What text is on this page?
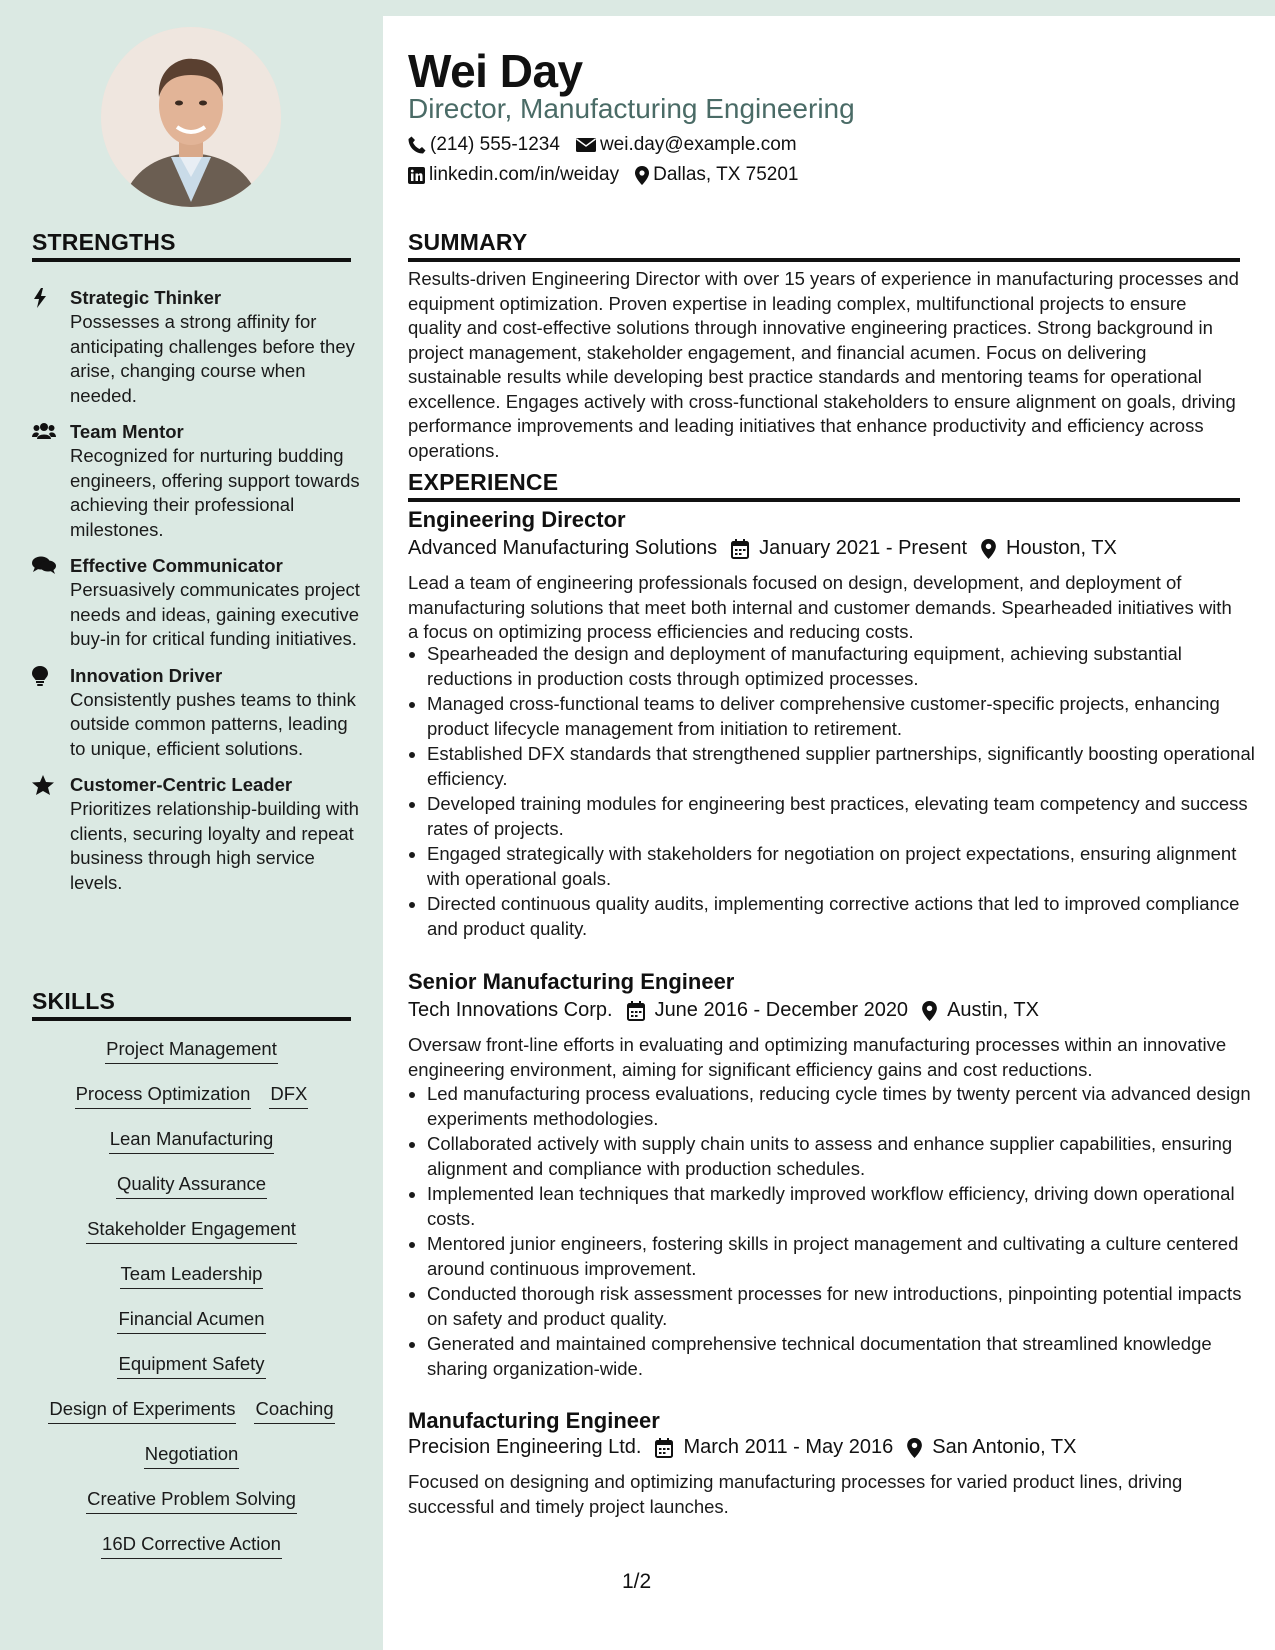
STRENGTHS
Strategic Thinker
Possesses a strong affinity for anticipating challenges before they arise, changing course when needed.
Team Mentor
Recognized for nurturing budding engineers, offering support towards achieving their professional milestones.
Effective Communicator
Persuasively communicates project needs and ideas, gaining executive buy-in for critical funding initiatives.
Innovation Driver
Consistently pushes teams to think outside common patterns, leading to unique, efficient solutions.
Customer-Centric Leader
Prioritizes relationship-building with clients, securing loyalty and repeat business through high service levels.
SKILLS
Project Management
Process Optimization DFX
Lean Manufacturing
Quality Assurance
Stakeholder Engagement
Team Leadership
Financial Acumen
Equipment Safety
Design of Experiments Coaching
Negotiation
Creative Problem Solving
16D Corrective Action
Wei Day
Director, Manufacturing Engineering
(214) 555-1234 wei.day@example.com
linkedin.com/in/weiday Dallas, TX 75201
SUMMARY
Results-driven Engineering Director with over 15 years of experience in manufacturing processes and equipment optimization. Proven expertise in leading complex, multifunctional projects to ensure quality and cost-effective solutions through innovative engineering practices. Strong background in project management, stakeholder engagement, and financial acumen. Focus on delivering sustainable results while developing best practice standards and mentoring teams for operational excellence. Engages actively with cross-functional stakeholders to ensure alignment on goals, driving performance improvements and leading initiatives that enhance productivity and efficiency across operations.
EXPERIENCE
Engineering Director
Advanced Manufacturing Solutions January 2021 - Present Houston, TX
Lead a team of engineering professionals focused on design, development, and deployment of manufacturing solutions that meet both internal and customer demands. Spearheaded initiatives with a focus on optimizing process efficiencies and reducing costs.
• Spearheaded the design and deployment of manufacturing equipment, achieving substantial reductions in production costs through optimized processes.
• Managed cross-functional teams to deliver comprehensive customer-specific projects, enhancing product lifecycle management from initiation to retirement.
• Established DFX standards that strengthened supplier partnerships, significantly boosting operational efficiency.
• Developed training modules for engineering best practices, elevating team competency and success rates of projects.
• Engaged strategically with stakeholders for negotiation on project expectations, ensuring alignment with operational goals.
• Directed continuous quality audits, implementing corrective actions that led to improved compliance and product quality.
Senior Manufacturing Engineer
Tech Innovations Corp. June 2016 - December 2020 Austin, TX
Oversaw front-line efforts in evaluating and optimizing manufacturing processes within an innovative engineering environment, aiming for significant efficiency gains and cost reductions.
• Led manufacturing process evaluations, reducing cycle times by twenty percent via advanced design experiments methodologies.
• Collaborated actively with supply chain units to assess and enhance supplier capabilities, ensuring alignment and compliance with production schedules.
• Implemented lean techniques that markedly improved workflow efficiency, driving down operational costs.
• Mentored junior engineers, fostering skills in project management and cultivating a culture centered around continuous improvement.
• Conducted thorough risk assessment processes for new introductions, pinpointing potential impacts on safety and product quality.
• Generated and maintained comprehensive technical documentation that streamlined knowledge sharing organization-wide.
Manufacturing Engineer
Precision Engineering Ltd. March 2011 - May 2016 San Antonio, TX
Focused on designing and optimizing manufacturing processes for varied product lines, driving successful and timely project launches.
1/2
